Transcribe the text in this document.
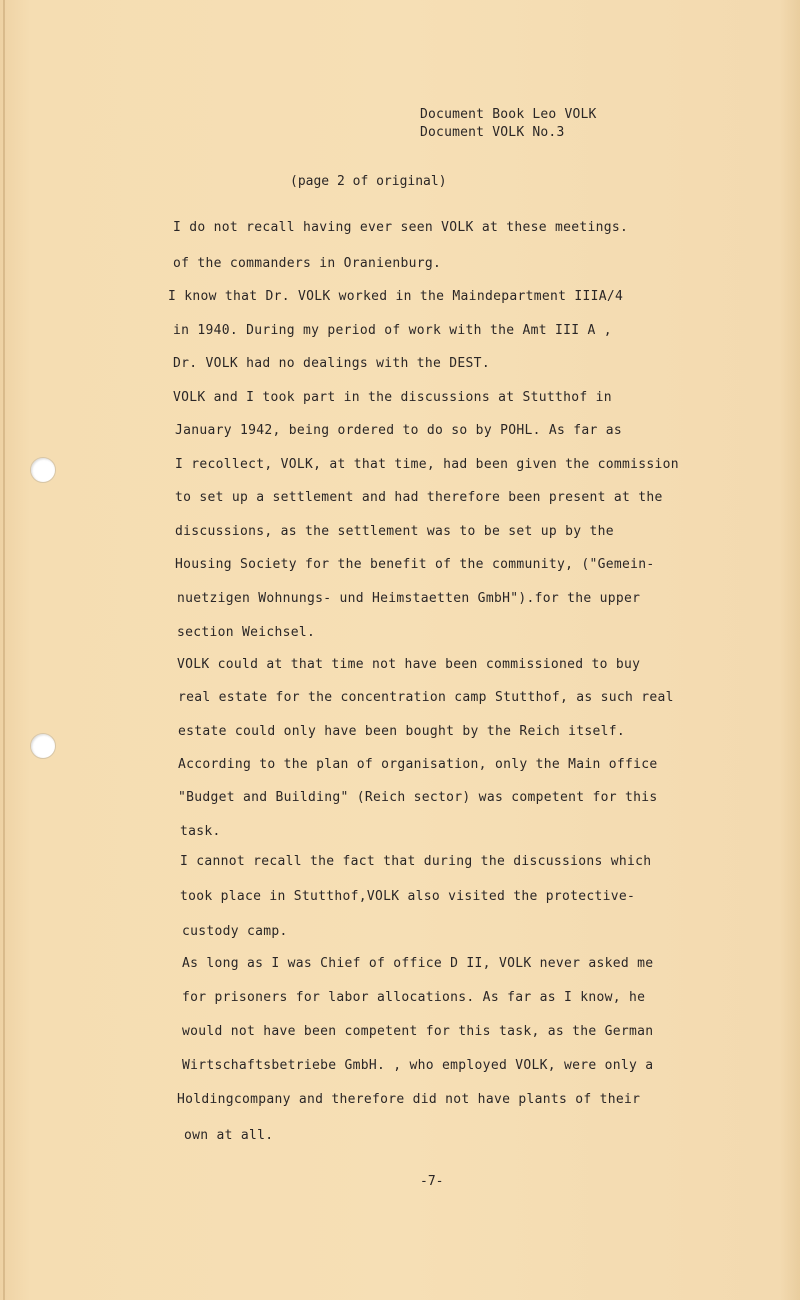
Document Book Leo VOLK
Document VOLK No.3
(page 2 of original)
I do not recall having ever seen VOLK at these meetings.
of the commanders in Oranienburg.
I know that Dr. VOLK worked in the Maindepartment IIIA/4
in 1940. During my period of work with the Amt III A ,
Dr. VOLK had no dealings with the DEST.
VOLK and I took part in the discussions at Stutthof in
January 1942, being ordered to do so by POHL. As far as
I recollect, VOLK, at that time, had been given the commission
to set up a settlement and had therefore been present at the
discussions, as the settlement was to be set up by the
Housing Society for the benefit of the community, ("Gemein-
nuetzigen Wohnungs- und Heimstaetten GmbH").for the upper
section Weichsel.
VOLK could at that time not have been commissioned to buy
real estate for the concentration camp Stutthof, as such real
estate could only have been bought by the Reich itself.
According to the plan of organisation, only the Main office
"Budget and Building" (Reich sector) was competent for this
task.
I cannot recall the fact that during the discussions which
took place in Stutthof,VOLK also visited the protective-
custody camp.
As long as I was Chief of office D II, VOLK never asked me
for prisoners for labor allocations. As far as I know, he
would not have been competent for this task, as the German
Wirtschaftsbetriebe GmbH. , who employed VOLK, were only a
Holdingcompany and therefore did not have plants of their
own at all.
-7-
